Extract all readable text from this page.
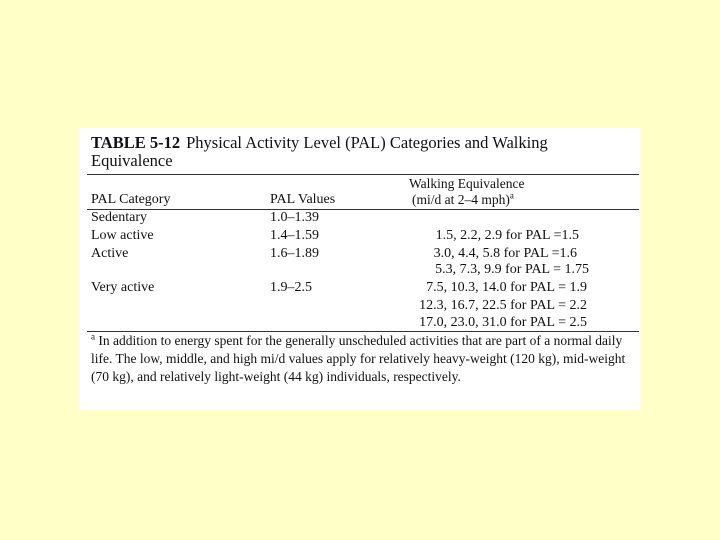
TABLE 5-12 Physical Activity Level (PAL) Categories and Walking Equivalence
Walking Equivalence
PAL Category	PAL Values	(mi/d at 2–4 mph)$^a$
Sedentary	1.0–1.39
Low active	1.4–1.59	1.5, 2.2, 2.9 for PAL =1.5
Active	1.6–1.89	3.0, 4.4, 5.8 for PAL =1.6
5.3, 7.3, 9.9 for PAL = 1.75
Very active	1.9–2.5	7.5, 10.3, 14.0 for PAL = 1.9
12.3, 16.7, 22.5 for PAL = 2.2
17.0, 23.0, 31.0 for PAL = 2.5
$^a$ In addition to energy spent for the generally unscheduled activities that are part of a normal daily life. The low, middle, and high mi/d values apply for relatively heavy-weight (120 kg), mid-weight (70 kg), and relatively light-weight (44 kg) individuals, respectively.
